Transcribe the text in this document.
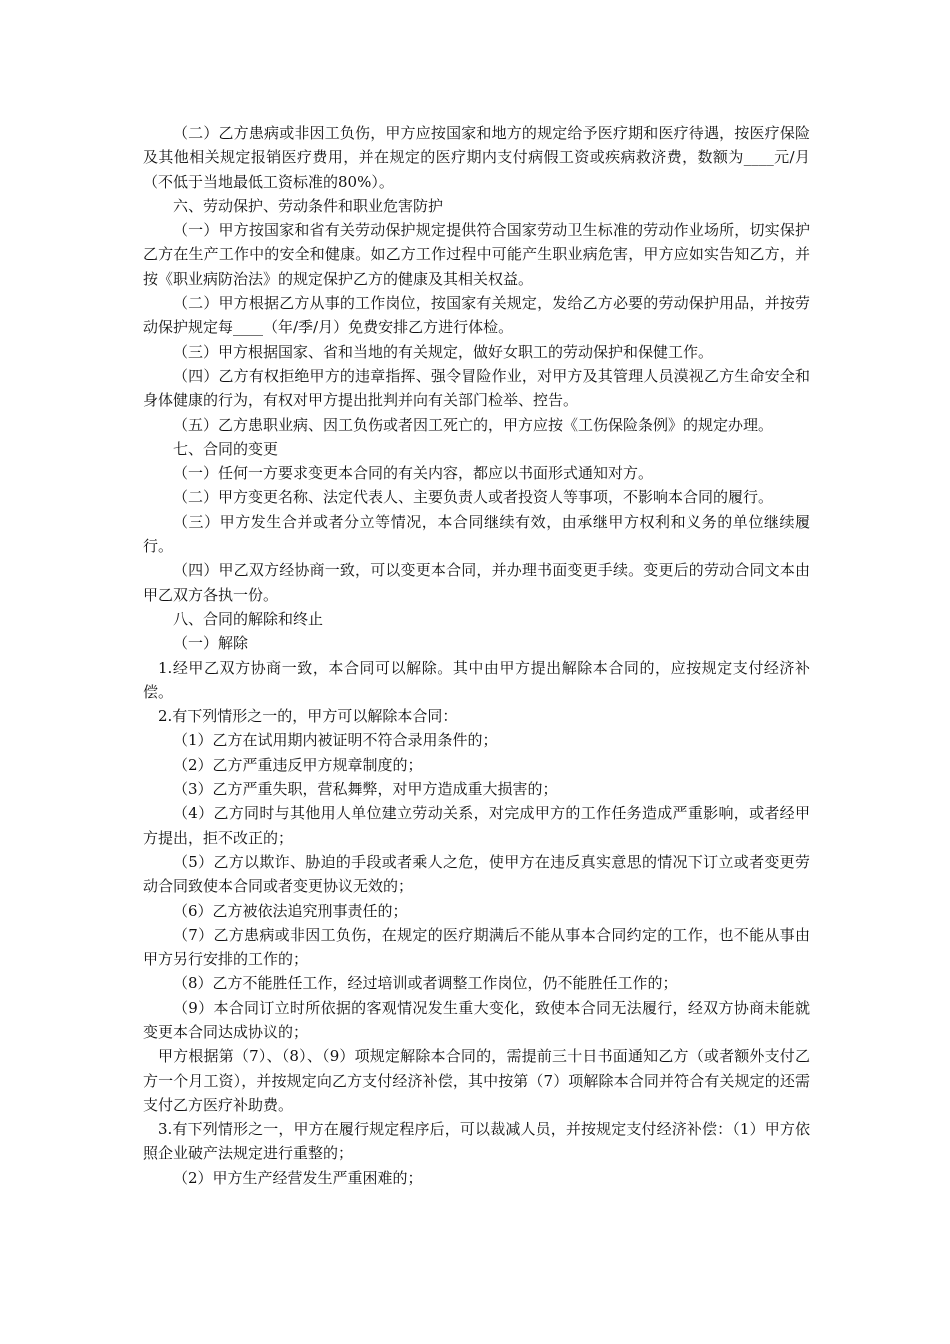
（二）乙方患病或非因工负伤，甲方应按国家和地方的规定给予医疗期和医疗待遇，按医疗保险及其他相关规定报销医疗费用，并在规定的医疗期内支付病假工资或疾病救济费，数额为____元/月（不低于当地最低工资标准的80%）。

六、劳动保护、劳动条件和职业危害防护

（一）甲方按国家和省有关劳动保护规定提供符合国家劳动卫生标准的劳动作业场所，切实保护乙方在生产工作中的安全和健康。如乙方工作过程中可能产生职业病危害，甲方应如实告知乙方，并按《职业病防治法》的规定保护乙方的健康及其相关权益。

（二）甲方根据乙方从事的工作岗位，按国家有关规定，发给乙方必要的劳动保护用品，并按劳动保护规定每____（年/季/月）免费安排乙方进行体检。

（三）甲方根据国家、省和当地的有关规定，做好女职工的劳动保护和保健工作。

（四）乙方有权拒绝甲方的违章指挥、强令冒险作业，对甲方及其管理人员漠视乙方生命安全和身体健康的行为，有权对甲方提出批判并向有关部门检举、控告。

（五）乙方患职业病、因工负伤或者因工死亡的，甲方应按《工伤保险条例》的规定办理。

七、合同的变更

（一）任何一方要求变更本合同的有关内容，都应以书面形式通知对方。

（二）甲方变更名称、法定代表人、主要负责人或者投资人等事项，不影响本合同的履行。

（三）甲方发生合并或者分立等情况，本合同继续有效，由承继甲方权利和义务的单位继续履行。

（四）甲乙双方经协商一致，可以变更本合同，并办理书面变更手续。变更后的劳动合同文本由甲乙双方各执一份。

八、合同的解除和终止

（一）解除

1.经甲乙双方协商一致，本合同可以解除。其中由甲方提出解除本合同的，应按规定支付经济补偿。

2.有下列情形之一的，甲方可以解除本合同：

（1）乙方在试用期内被证明不符合录用条件的；

（2）乙方严重违反甲方规章制度的；

（3）乙方严重失职，营私舞弊，对甲方造成重大损害的；

（4）乙方同时与其他用人单位建立劳动关系，对完成甲方的工作任务造成严重影响，或者经甲方提出，拒不改正的；

（5）乙方以欺诈、胁迫的手段或者乘人之危，使甲方在违反真实意思的情况下订立或者变更劳动合同致使本合同或者变更协议无效的；

（6）乙方被依法追究刑事责任的；

（7）乙方患病或非因工负伤，在规定的医疗期满后不能从事本合同约定的工作，也不能从事由甲方另行安排的工作的；

（8）乙方不能胜任工作，经过培训或者调整工作岗位，仍不能胜任工作的；

（9）本合同订立时所依据的客观情况发生重大变化，致使本合同无法履行，经双方协商未能就变更本合同达成协议的；

甲方根据第（7）、（8）、（9）项规定解除本合同的，需提前三十日书面通知乙方（或者额外支付乙方一个月工资），并按规定向乙方支付经济补偿，其中按第（7）项解除本合同并符合有关规定的还需支付乙方医疗补助费。

3.有下列情形之一，甲方在履行规定程序后，可以裁减人员，并按规定支付经济补偿：（1）甲方依照企业破产法规定进行重整的；

（2）甲方生产经营发生严重困难的；
